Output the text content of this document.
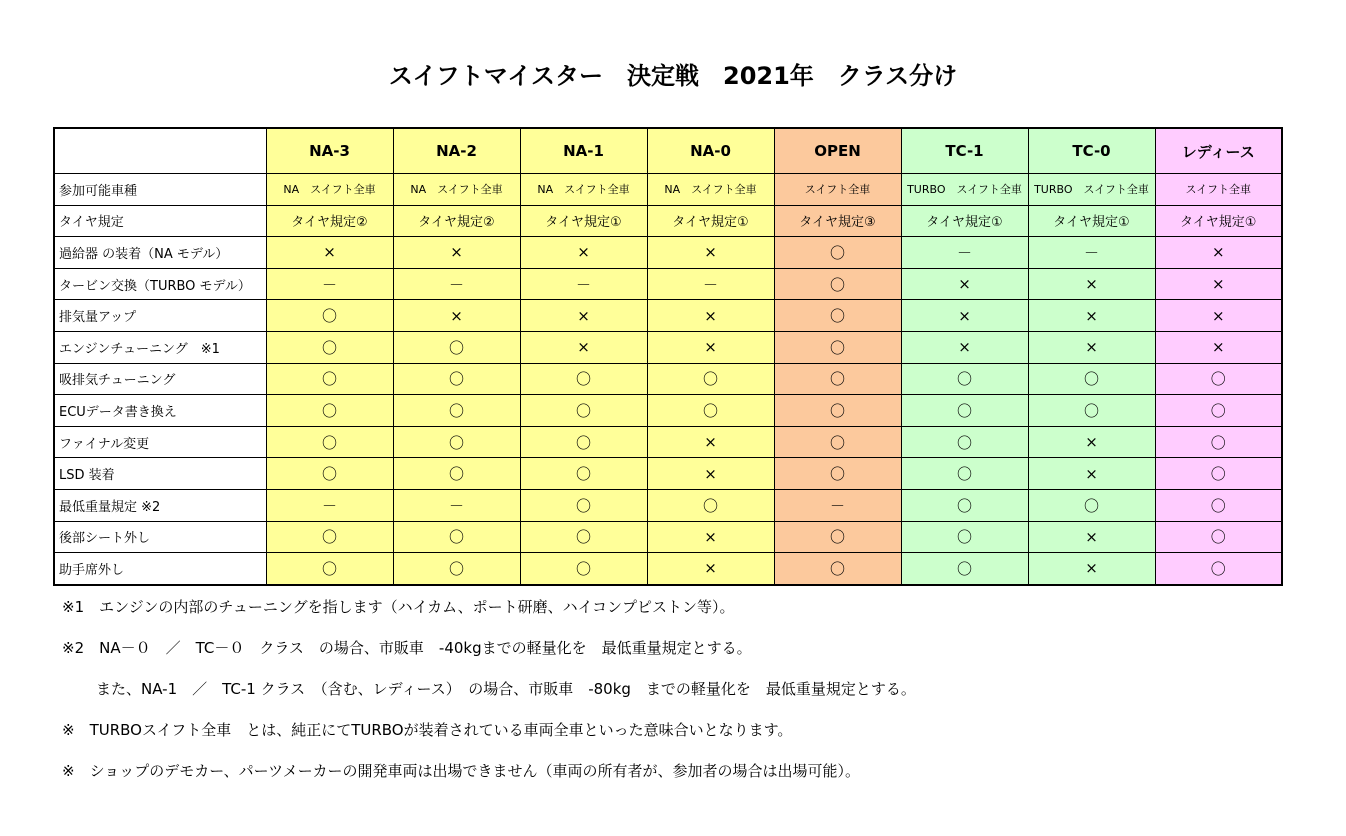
スイフトマイスター　決定戦　2021年　クラス分け
	NA-3	NA-2	NA-1	NA-0	OPEN	TC-1	TC-0	レディース
参加可能車種	NA　スイフト全車	NA　スイフト全車	NA　スイフト全車	NA　スイフト全車	スイフト全車	TURBO　スイフト全車	TURBO　スイフト全車	スイフト全車
タイヤ規定	タイヤ規定②	タイヤ規定②	タイヤ規定①	タイヤ規定①	タイヤ規定③	タイヤ規定①	タイヤ規定①	タイヤ規定①
過給器 の装着（NA モデル）	×	×	×	×	〇	－	－	×
タービン交換（TURBO モデル）	－	－	－	－	〇	×	×	×
排気量アップ	〇	×	×	×	〇	×	×	×
エンジンチューニング　※1	〇	〇	×	×	〇	×	×	×
吸排気チューニング	〇	〇	〇	〇	〇	〇	〇	〇
ECUデータ書き換え	〇	〇	〇	〇	〇	〇	〇	〇
ファイナル変更	〇	〇	〇	×	〇	〇	×	〇
LSD 装着	〇	〇	〇	×	〇	〇	×	〇
最低重量規定 ※2	－	－	〇	〇	－	〇	〇	〇
後部シート外し	〇	〇	〇	×	〇	〇	×	〇
助手席外し	〇	〇	〇	×	〇	〇	×	〇
※1　エンジンの内部のチューニングを指します（ハイカム、ポート研磨、ハイコンプピストン等）。
※2　NA－０　／　TC－０　クラス　の場合、市販車　-40kgまでの軽量化を　最低重量規定とする。
また、NA-1　／　TC-1 クラス　（含む、レディース）　の場合、市販車　-80kg　までの軽量化を　最低重量規定とする。
※　TURBOスイフト全車　とは、純正にてTURBOが装着されている車両全車といった意味合いとなります。
※　ショップのデモカー、パーツメーカーの開発車両は出場できません（車両の所有者が、参加者の場合は出場可能）。
